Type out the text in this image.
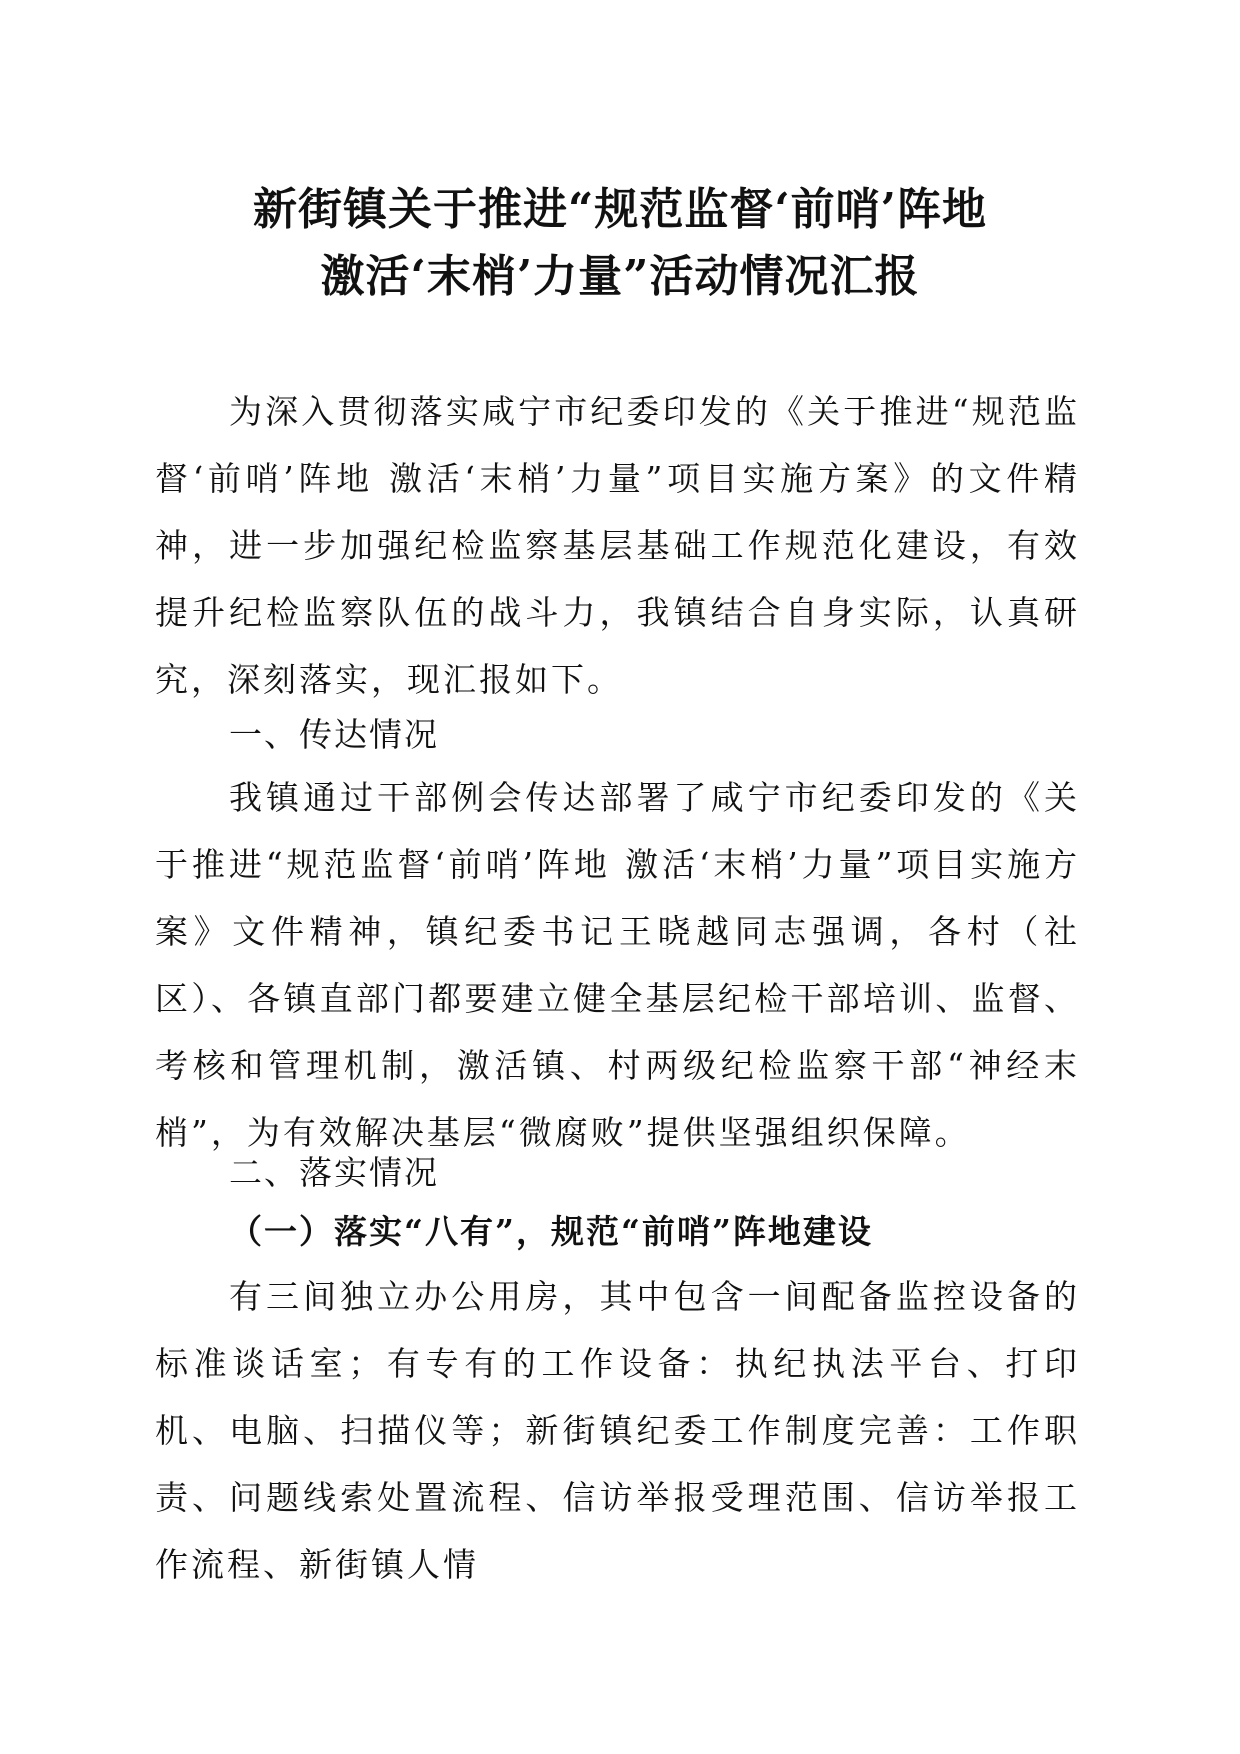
新街镇关于推进“规范监督‘前哨’阵地
激活‘末梢’力量”活动情况汇报

为深入贯彻落实咸宁市纪委印发的《关于推进“规范监督‘前哨’阵地 激活‘末梢’力量”项目实施方案》的文件精神，进一步加强纪检监察基层基础工作规范化建设，有效提升纪检监察队伍的战斗力，我镇结合自身实际，认真研究，深刻落实，现汇报如下。

一、传达情况

我镇通过干部例会传达部署了咸宁市纪委印发的《关于推进“规范监督‘前哨’阵地 激活‘末梢’力量”项目实施方案》文件精神，镇纪委书记王晓越同志强调，各村（社区）、各镇直部门都要建立健全基层纪检干部培训、监督、考核和管理机制，激活镇、村两级纪检监察干部“神经末梢”，为有效解决基层“微腐败”提供坚强组织保障。

二、落实情况

（一）落实“八有”，规范“前哨”阵地建设

有三间独立办公用房，其中包含一间配备监控设备的标准谈话室；有专有的工作设备：执纪执法平台、打印机、电脑、扫描仪等；新街镇纪委工作制度完善：工作职责、问题线索处置流程、信访举报受理范围、信访举报工作流程、新街镇人情
